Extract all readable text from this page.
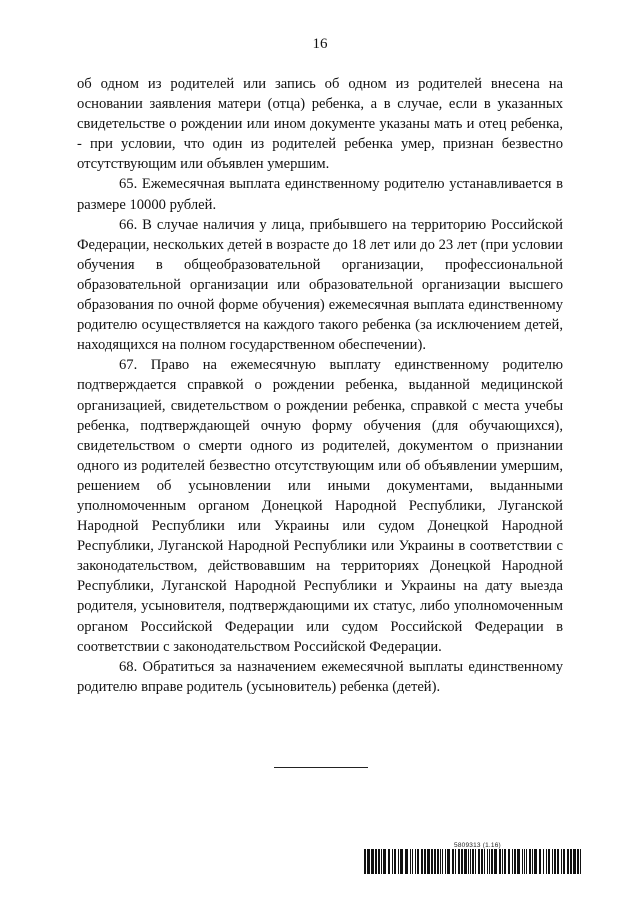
16

об одном из родителей или запись об одном из родителей внесена на основании заявления матери (отца) ребенка, а в случае, если в указанных свидетельстве о рождении или ином документе указаны мать и отец ребенка, - при условии, что один из родителей ребенка умер, признан безвестно отсутствующим или объявлен умершим.

65. Ежемесячная выплата единственному родителю устанавливается в размере 10000 рублей.

66. В случае наличия у лица, прибывшего на территорию Российской Федерации, нескольких детей в возрасте до 18 лет или до 23 лет (при условии обучения в общеобразовательной организации, профессиональной образовательной организации или образовательной организации высшего образования по очной форме обучения) ежемесячная выплата единственному родителю осуществляется на каждого такого ребенка (за исключением детей, находящихся на полном государственном обеспечении).

67. Право на ежемесячную выплату единственному родителю подтверждается справкой о рождении ребенка, выданной медицинской организацией, свидетельством о рождении ребенка, справкой с места учебы ребенка, подтверждающей очную форму обучения (для обучающихся), свидетельством о смерти одного из родителей, документом о признании одного из родителей безвестно отсутствующим или об объявлении умершим, решением об усыновлении или иными документами, выданными уполномоченным органом Донецкой Народной Республики, Луганской Народной Республики или Украины или судом Донецкой Народной Республики, Луганской Народной Республики или Украины в соответствии с законодательством, действовавшим на территориях Донецкой Народной Республики, Луганской Народной Республики и Украины на дату выезда родителя, усыновителя, подтверждающими их статус, либо уполномоченным органом Российской Федерации или судом Российской Федерации в соответствии с законодательством Российской Федерации.

68. Обратиться за назначением ежемесячной выплаты единственному родителю вправе родитель (усыновитель) ребенка (детей).

5809313 (1.16)
